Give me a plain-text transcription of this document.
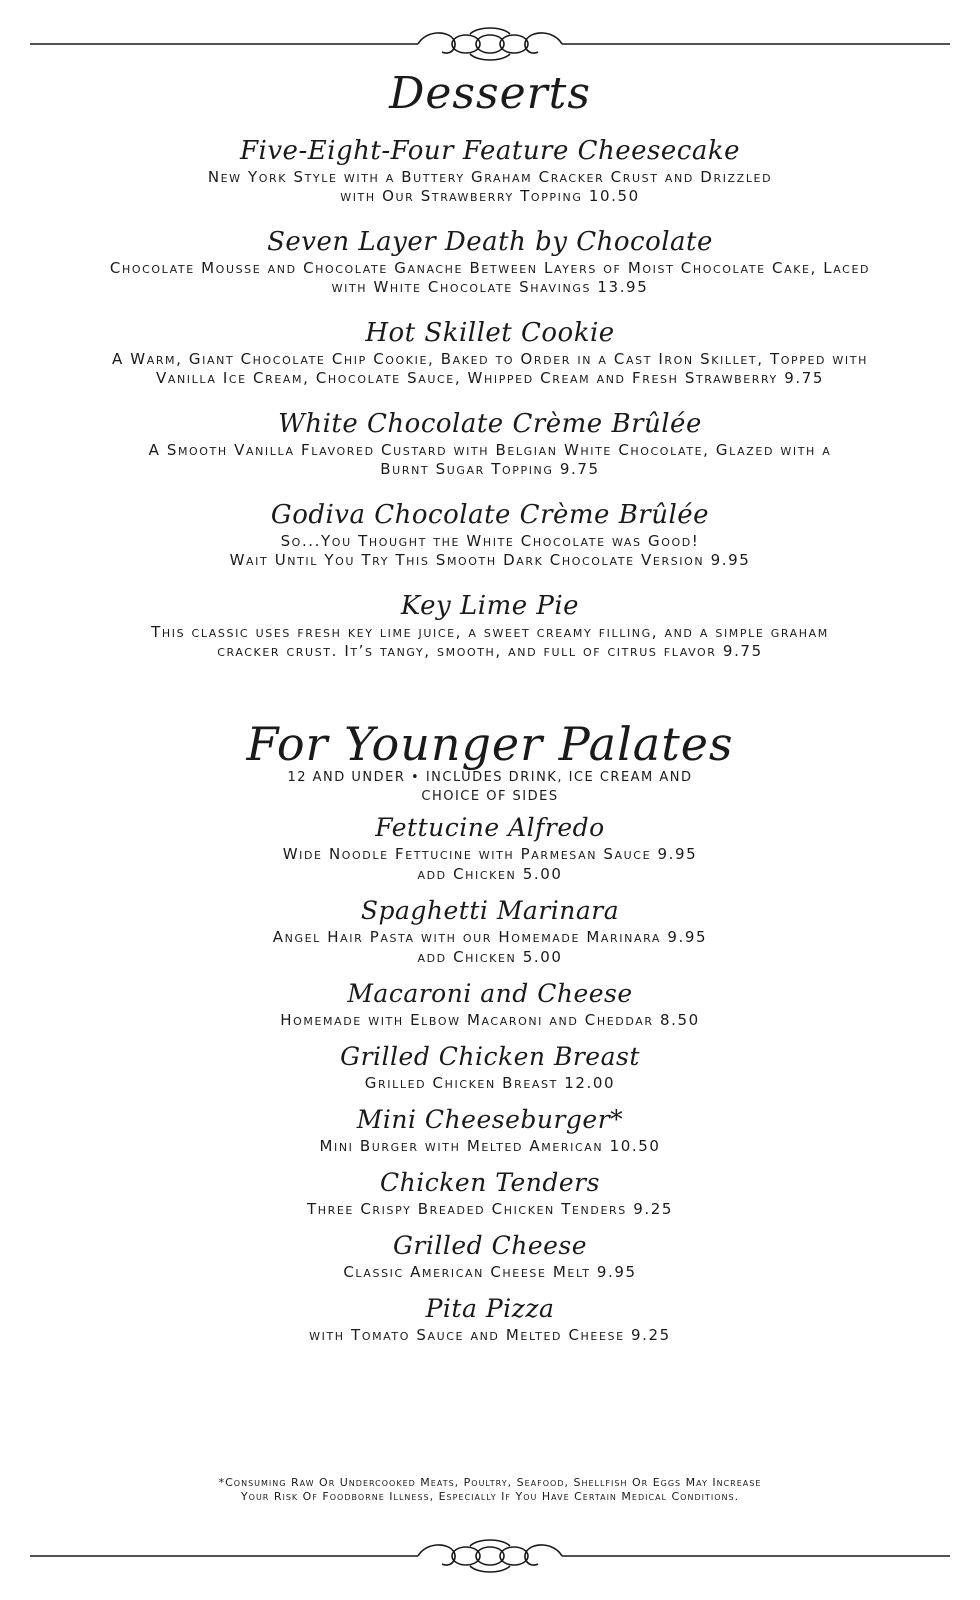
Desserts
Five-Eight-Four Feature Cheesecake
New York Style with a Buttery Graham Cracker Crust and Drizzled
with Our Strawberry Topping 10.50
Seven Layer Death by Chocolate
Chocolate Mousse and Chocolate Ganache Between Layers of Moist Chocolate Cake, Laced
with White Chocolate Shavings 13.95
Hot Skillet Cookie
A Warm, Giant Chocolate Chip Cookie, Baked to Order in a Cast Iron Skillet, Topped with
Vanilla Ice Cream, Chocolate Sauce, Whipped Cream and Fresh Strawberry 9.75
White Chocolate Crème Brûlée
A Smooth Vanilla Flavored Custard with Belgian White Chocolate, Glazed with a
Burnt Sugar Topping 9.75
Godiva Chocolate Crème Brûlée
So...You Thought the White Chocolate was Good!
Wait Until You Try This Smooth Dark Chocolate Version 9.95
Key Lime Pie
This classic uses fresh key lime juice, a sweet creamy filling, and a simple graham
cracker crust. It’s tangy, smooth, and full of citrus flavor 9.75
For Younger Palates
12 AND UNDER • INCLUDES DRINK, ICE CREAM AND
CHOICE OF SIDES
Fettucine Alfredo
Wide Noodle Fettucine with Parmesan Sauce 9.95
add Chicken 5.00
Spaghetti Marinara
Angel Hair Pasta with our Homemade Marinara 9.95
add Chicken 5.00
Macaroni and Cheese
Homemade with Elbow Macaroni and Cheddar 8.50
Grilled Chicken Breast
Grilled Chicken Breast 12.00
Mini Cheeseburger*
Mini Burger with Melted American 10.50
Chicken Tenders
Three Crispy Breaded Chicken Tenders 9.25
Grilled Cheese
Classic American Cheese Melt 9.95
Pita Pizza
with Tomato Sauce and Melted Cheese 9.25
*Consuming Raw Or Undercooked Meats, Poultry, Seafood, Shellfish Or Eggs May Increase
Your Risk Of Foodborne Illness, Especially If You Have Certain Medical Conditions.
